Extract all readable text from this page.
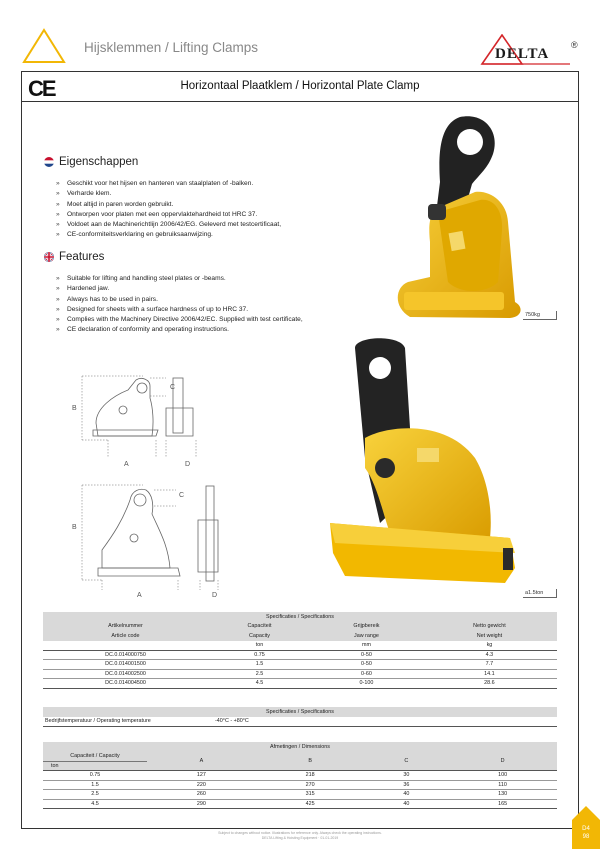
Hijsklemmen / Lifting Clamps	DELTA
®
CE	Horizontaal Plaatklem / Horizontal Plate Clamp
Eigenschappen
» Geschikt voor het hijsen en hanteren van staalplaten of -balken.
» Verharde klem.
» Moet altijd in paren worden gebruikt.
» Ontworpen voor platen met een oppervlaktehardheid tot HRC 37.
» Voldoet aan de Machinerichtlijn 2006/42/EG. Geleverd met testcertificaat,
» CE-conformiteitsverklaring en gebruiksaanwijzing.
Features
» Suitable for lifting and handling steel plates or -beams.
» Hardened jaw.
» Always has to be used in pairs.
» Designed for sheets with a surface hardness of up to HRC 37.
» Complies with the Machinery Directive 2006/42/EC. Supplied with test certificate,
» CE declaration of conformity and operating instructions.
750kg
a1.5ton
B
C
A	D
B
C
A	D
Specificaties / Specifications			
Artikelnummer	Capaciteit	Grijpbereik	Netto gewicht
Article code	Capacity	Jaw range	Net weight
	ton	mm	kg
DC.0.014000750	0.75	0-50	4.3
DC.0.014001500	1.5	0-50	7.7
DC.0.014002500	2.5	0-60	14.1
DC.0.014004500	4.5	0-100	28.6
Specificaties / Specifications
Bedrijfstemperatuur / Operating temperature	-40°C - +80°C	
Afmetingen / Dimensions				
Capaciteit / Capacity	A	B	C	D
ton				
0.75	127	218	30	100
1.5	220	270	36	110
2.5	260	315	40	130
4.5	290	425	40	165
Subject to changes without notice. Illustrations for reference only. Always check the operating instructions.
DELTA Lifting & Hoisting Equipment · 01-01-2019
D4
98
